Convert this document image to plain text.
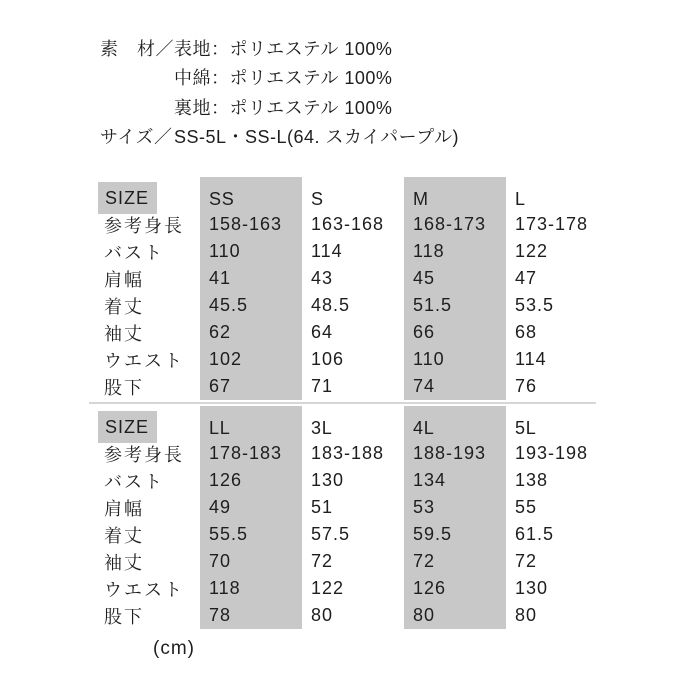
素　材／ 表地：ポリエステル 100%
中綿：ポリエステル 100%
裏地：ポリエステル 100%
サイズ／ SS-5L・SS-L(64. スカイパープル)
SIZE	SS	S	M	L
参考身長	158-163	163-168	168-173	173-178
バスト	110	114	118	122
肩幅	41	43	45	47
着丈	45.5	48.5	51.5	53.5
袖丈	62	64	66	68
ウエスト	102	106	110	114
股下	67	71	74	76
SIZE	LL	3L	4L	5L
参考身長	178-183	183-188	188-193	193-198
バスト	126	130	134	138
肩幅	49	51	53	55
着丈	55.5	57.5	59.5	61.5
袖丈	70	72	72	72
ウエスト	118	122	126	130
股下	78	80	80	80
(cm)
